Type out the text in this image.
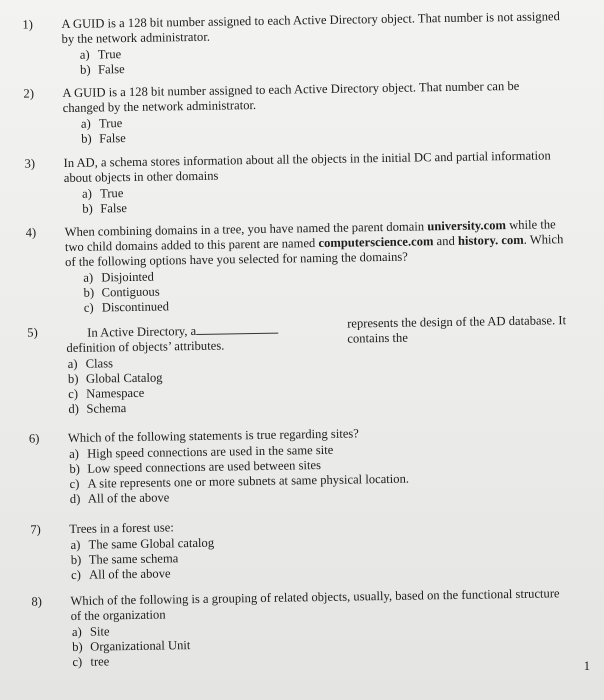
1) A GUID is a 128 bit number assigned to each Active Directory object. That number is not assigned
by the network administrator.
a) True
b) False
2) A GUID is a 128 bit number assigned to each Active Directory object. That number can be
changed by the network administrator.
a) True
b) False
3) In AD, a schema stores information about all the objects in the initial DC and partial information
about objects in other domains
a) True
b) False
4) When combining domains in a tree, you have named the parent domain university.com while the
two child domains added to this parent are named computerscience.com and history. com. Which
of the following options have you selected for naming the domains?
a) Disjointed
b) Contiguous
c) Discontinued
5)	In Active Directory, a
represents the design of the AD database. It contains the
definition of objects’ attributes.
a) Class
b) Global Catalog
c) Namespace
d) Schema
6) Which of the following statements is true regarding sites?
a) High speed connections are used in the same site
b) Low speed connections are used between sites
c) A site represents one or more subnets at same physical location.
d) All of the above
7) Trees in a forest use:
a) The same Global catalog
b) The same schema
c) All of the above
8) Which of the following is a grouping of related objects, usually, based on the functional structure
of the organization
a) Site
b) Organizational Unit
c) tree	1
